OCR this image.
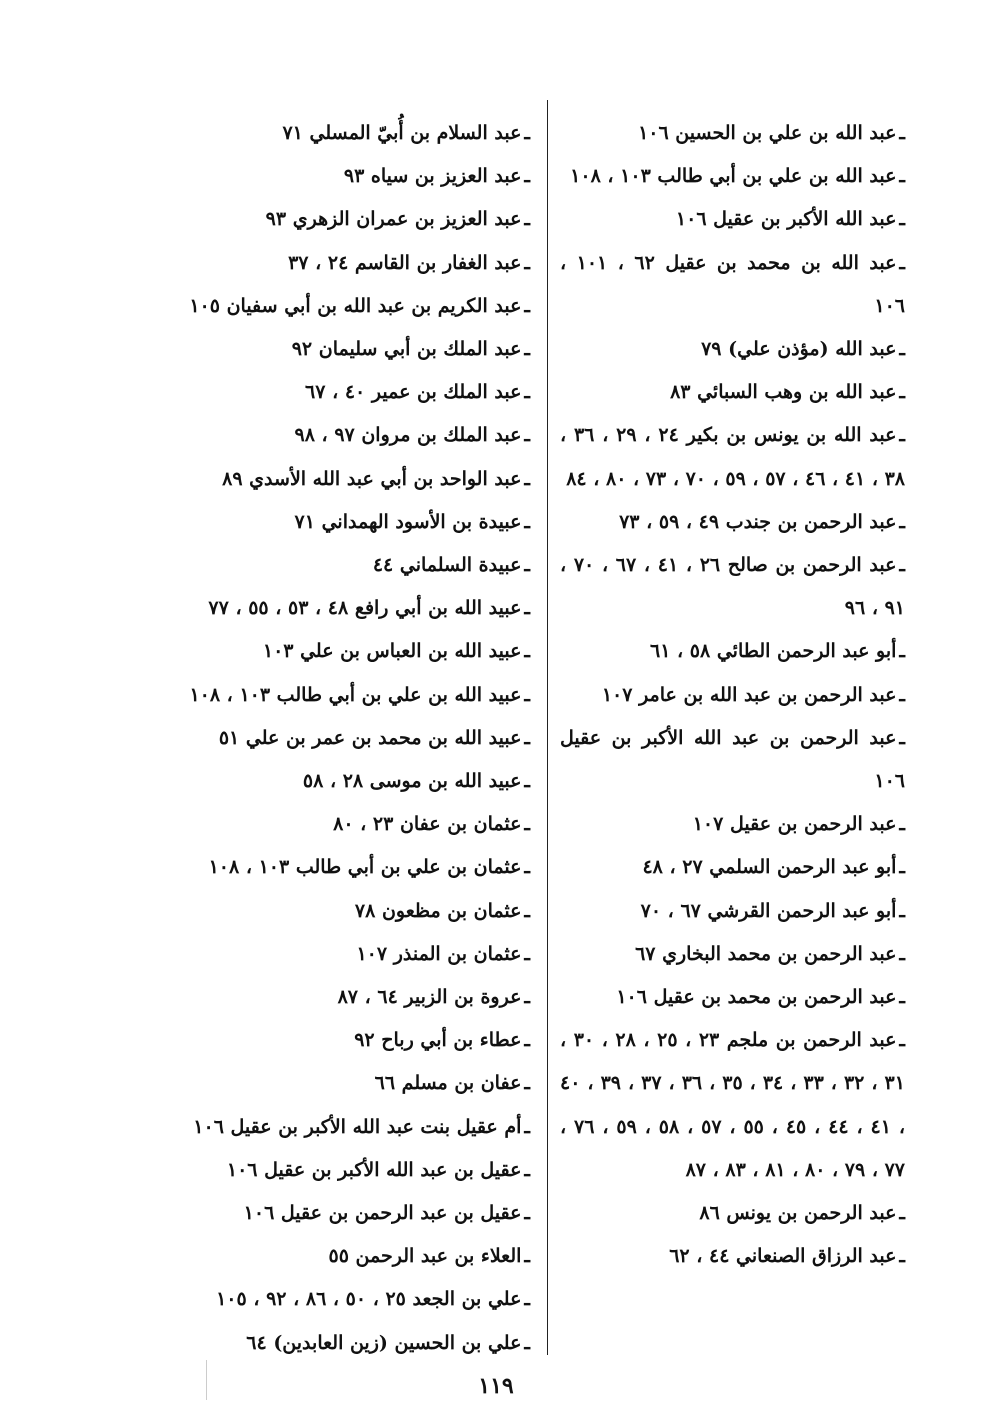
ـعبد الله بن علي بن الحسين ١٠٦
ـعبد الله بن علي بن أبي طالب ١٠٣ ، ١٠٨
ـعبد الله الأكبر بن عقيل ١٠٦
ـعبد الله بن محمد بن عقيل ٦٢ ، ١٠١ ، ١٠٦
ـعبد الله (مؤذن علي) ٧٩
ـعبد الله بن وهب السبائي ٨٣
ـعبد الله بن يونس بن بكير ٢٤ ، ٢٩ ، ٣٦ ، ٣٨ ، ٤١ ، ٤٦ ، ٥٧ ، ٥٩ ، ٧٠ ، ٧٣ ، ٨٠ ، ٨٤
ـعبد الرحمن بن جندب ٤٩ ، ٥٩ ، ٧٣
ـعبد الرحمن بن صالح ٢٦ ، ٤١ ، ٦٧ ، ٧٠ ، ٩١ ، ٩٦
ـأبو عبد الرحمن الطائي ٥٨ ، ٦١
ـعبد الرحمن بن عبد الله بن عامر ١٠٧
ـعبد الرحمن بن عبد الله الأكبر بن عقيل ١٠٦
ـعبد الرحمن بن عقيل ١٠٧
ـأبو عبد الرحمن السلمي ٢٧ ، ٤٨
ـأبو عبد الرحمن القرشي ٦٧ ، ٧٠
ـعبد الرحمن بن محمد البخاري ٦٧
ـعبد الرحمن بن محمد بن عقيل ١٠٦
ـعبد الرحمن بن ملجم ٢٣ ، ٢٥ ، ٢٨ ، ٣٠ ، ٣١ ، ٣٢ ، ٣٣ ، ٣٤ ، ٣٥ ، ٣٦ ، ٣٧ ، ٣٩ ، ٤٠ ، ٤١ ، ٤٤ ، ٤٥ ، ٥٥ ، ٥٧ ، ٥٨ ، ٥٩ ، ٧٦ ، ٧٧ ، ٧٩ ، ٨٠ ، ٨١ ، ٨٣ ، ٨٧
ـعبد الرحمن بن يونس ٨٦
ـعبد الرزاق الصنعاني ٤٤ ، ٦٢
ـعبد السلام بن أُبيّ المسلي ٧١
ـعبد العزيز بن سياه ٩٣
ـعبد العزيز بن عمران الزهري ٩٣
ـعبد الغفار بن القاسم ٢٤ ، ٣٧
ـعبد الكريم بن عبد الله بن أبي سفيان ١٠٥
ـعبد الملك بن أبي سليمان ٩٢
ـعبد الملك بن عمير ٤٠ ، ٦٧
ـعبد الملك بن مروان ٩٧ ، ٩٨
ـعبد الواحد بن أبي عبد الله الأسدي ٨٩
ـعبيدة بن الأسود الهمداني ٧١
ـعبيدة السلماني ٤٤
ـعبيد الله بن أبي رافع ٤٨ ، ٥٣ ، ٥٥ ، ٧٧
ـعبيد الله بن العباس بن علي ١٠٣
ـعبيد الله بن علي بن أبي طالب ١٠٣ ، ١٠٨
ـعبيد الله بن محمد بن عمر بن علي ٥١
ـعبيد الله بن موسى ٢٨ ، ٥٨
ـعثمان بن عفان ٢٣ ، ٨٠
ـعثمان بن علي بن أبي طالب ١٠٣ ، ١٠٨
ـعثمان بن مظعون ٧٨
ـعثمان بن المنذر ١٠٧
ـعروة بن الزبير ٦٤ ، ٨٧
ـعطاء بن أبي رباح ٩٢
ـعفان بن مسلم ٦٦
ـأم عقيل بنت عبد الله الأكبر بن عقيل ١٠٦
ـعقيل بن عبد الله الأكبر بن عقيل ١٠٦
ـعقيل بن عبد الرحمن بن عقيل ١٠٦
ـالعلاء بن عبد الرحمن ٥٥
ـعلي بن الجعد ٢٥ ، ٥٠ ، ٨٦ ، ٩٢ ، ١٠٥
ـعلي بن الحسين (زين العابدين) ٦٤
١١٩
